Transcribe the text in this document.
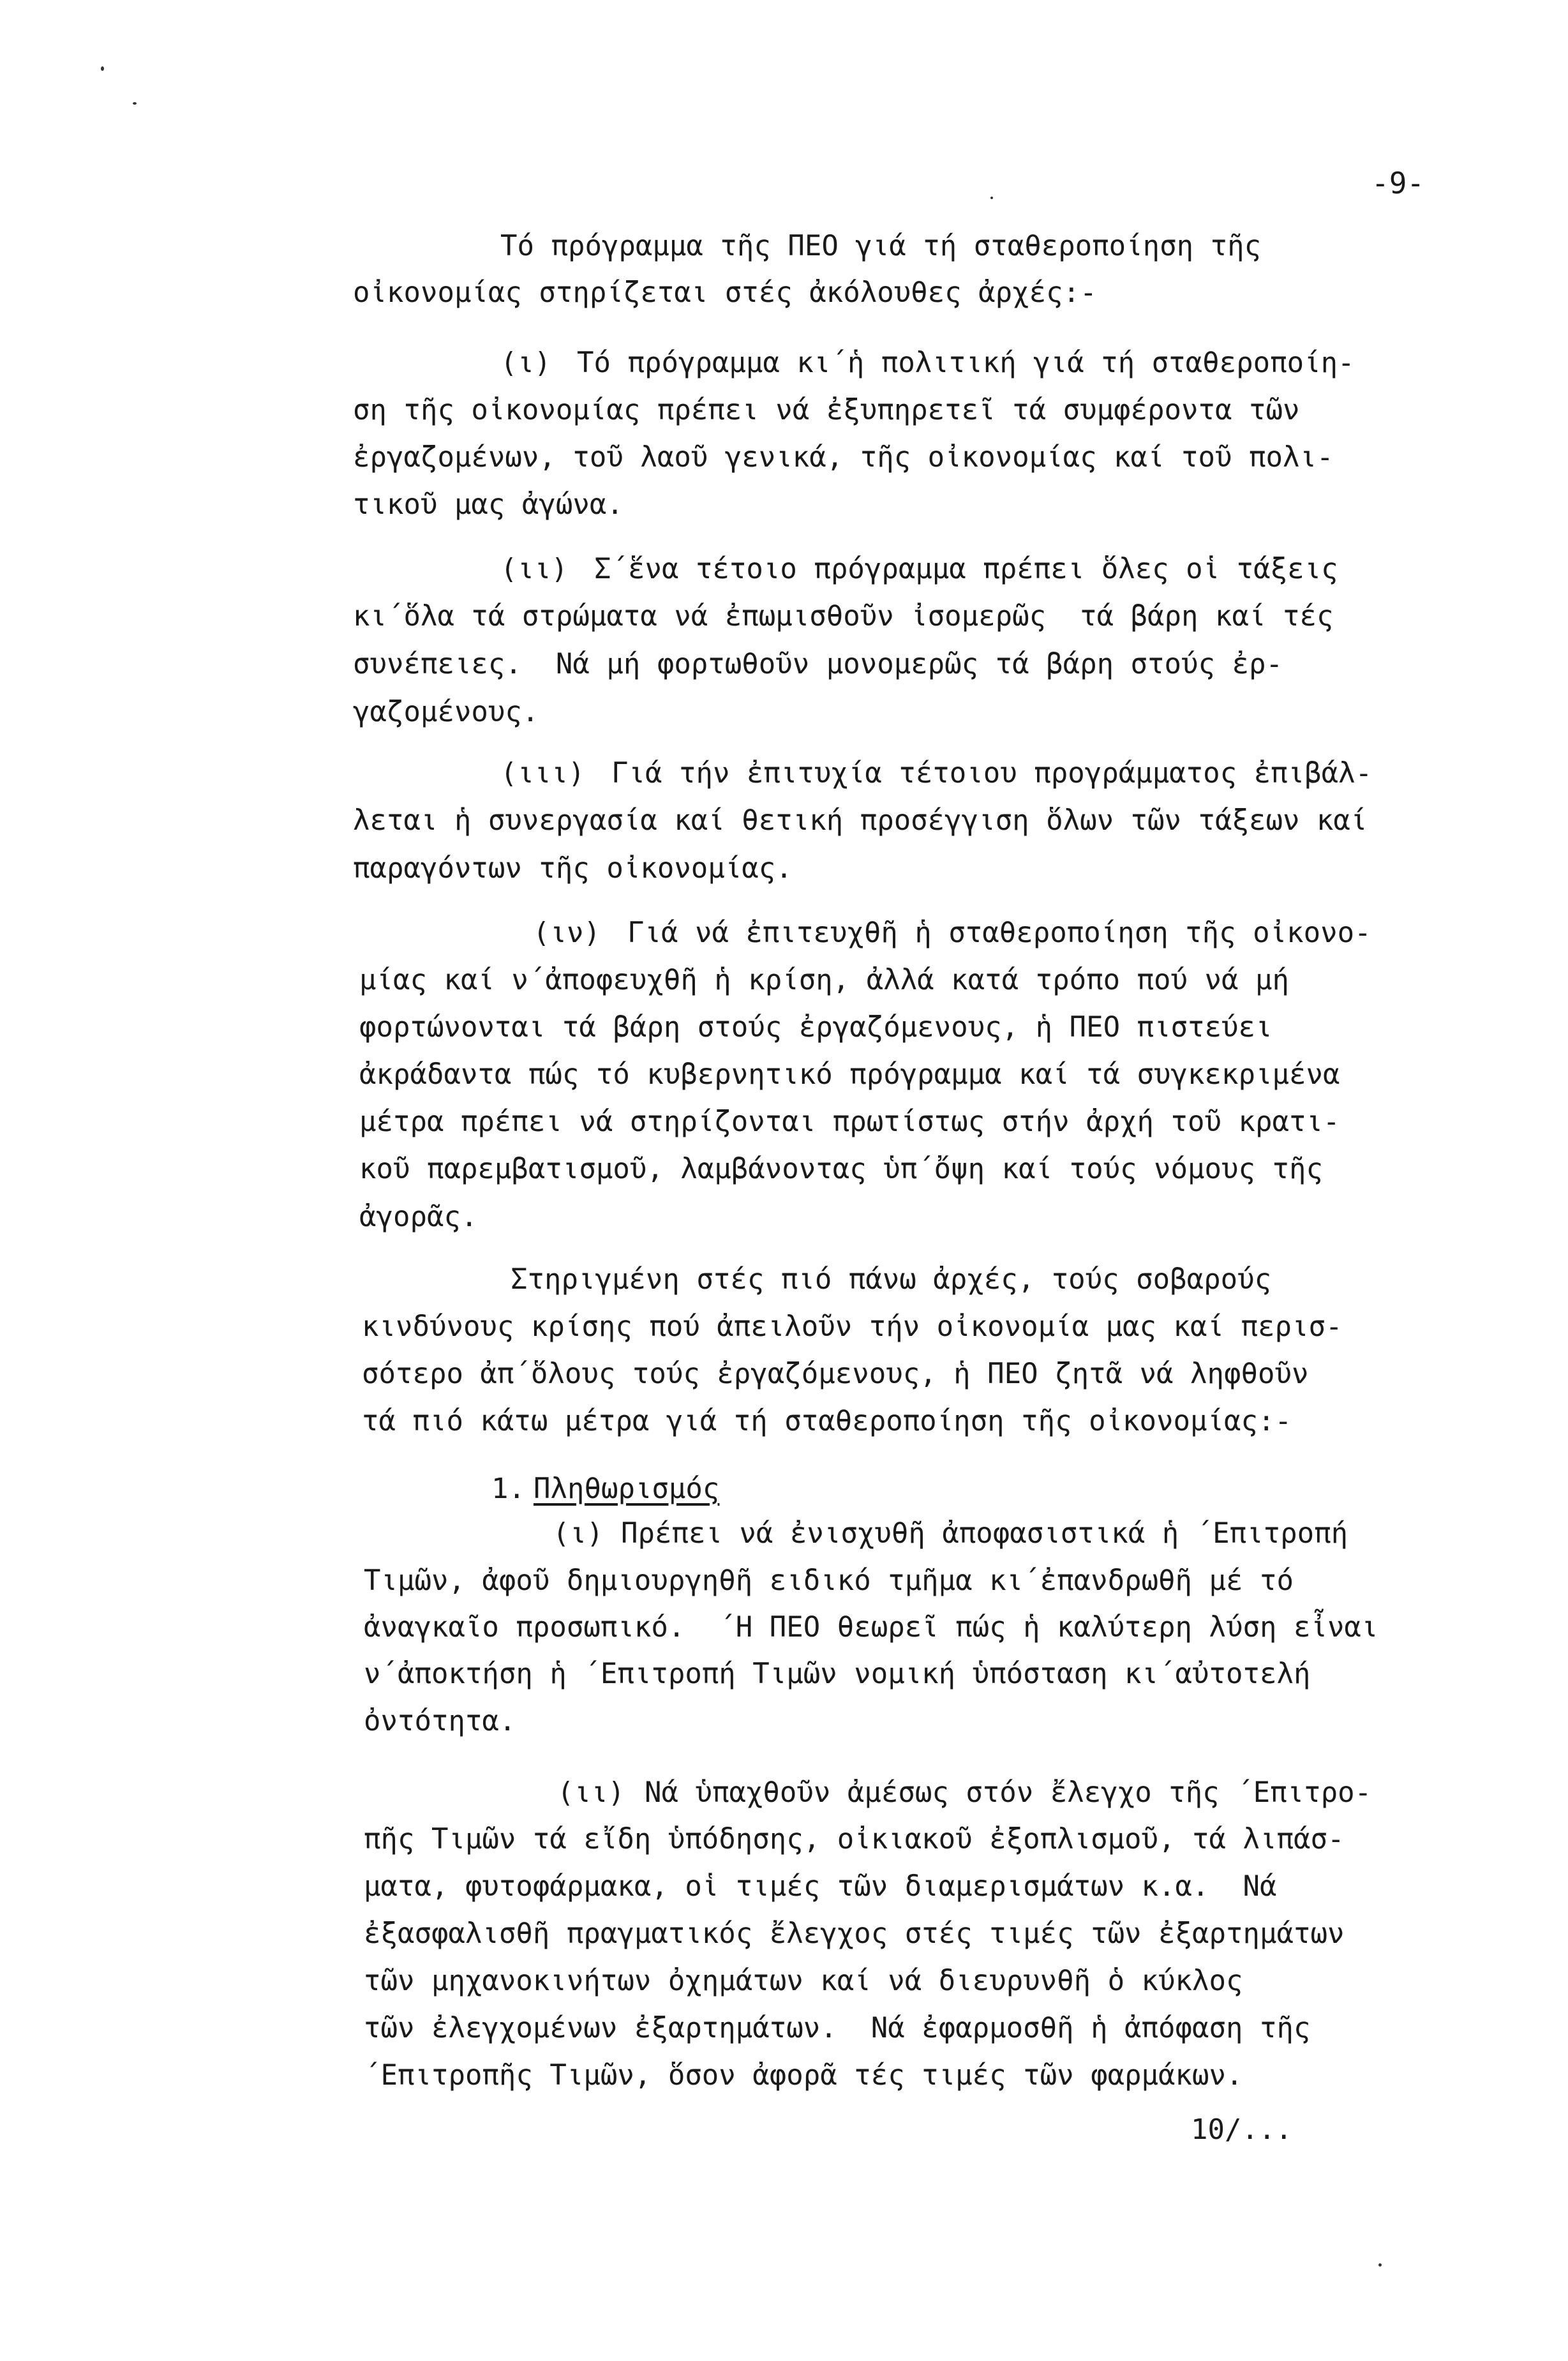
-9-
Τό πρόγραμμα τῆς ΠΕΟ γιά τή σταθεροποίηση τῆς
οἰκονομίας στηρίζεται στές ἀκόλουθες ἀρχές:-
(ι) Τό πρόγραμμα κι΄ἡ πολιτική γιά τή σταθεροποίη-
ση τῆς οἰκονομίας πρέπει νά ἐξυπηρετεῖ τά συμφέροντα τῶν
ἐργαζομένων, τοῦ λαοῦ γενικά, τῆς οἰκονομίας καί τοῦ πολι-
τικοῦ μας ἀγώνα.
(ιι) Σ΄ἕνα τέτοιο πρόγραμμα πρέπει ὅλες οἱ τάξεις
κι΄ὅλα τά στρώματα νά ἐπωμισθοῦν ἰσομερῶς  τά βάρη καί τές
συνέπειες.  Νά μή φορτωθοῦν μονομερῶς τά βάρη στούς ἐρ-
γαζομένους.
(ιιι) Γιά τήν ἐπιτυχία τέτοιου προγράμματος ἐπιβάλ-
λεται ἡ συνεργασία καί θετική προσέγγιση ὅλων τῶν τάξεων καί
παραγόντων τῆς οἰκονομίας.
(ιν) Γιά νά ἐπιτευχθῆ ἡ σταθεροποίηση τῆς οἰκονο-
μίας καί ν΄ἀποφευχθῆ ἡ κρίση, ἀλλά κατά τρόπο πού νά μή
φορτώνονται τά βάρη στούς ἐργαζόμενους, ἡ ΠΕΟ πιστεύει
ἀκράδαντα πώς τό κυβερνητικό πρόγραμμα καί τά συγκεκριμένα
μέτρα πρέπει νά στηρίζονται πρωτίστως στήν ἀρχή τοῦ κρατι-
κοῦ παρεμβατισμοῦ, λαμβάνοντας ὑπ΄ὄψη καί τούς νόμους τῆς
ἀγορᾶς.
Στηριγμένη στές πιό πάνω ἀρχές, τούς σοβαρούς
κινδύνους κρίσης πού ἀπειλοῦν τήν οἰκονομία μας καί περισ-
σότερο ἀπ΄ὅλους τούς ἐργαζόμενους, ἡ ΠΕΟ ζητᾶ νά ληφθοῦν
τά πιό κάτω μέτρα γιά τή σταθεροποίηση τῆς οἰκονομίας:-
1. Πληθωρισμός
(ι) Πρέπει νά ἐνισχυθῆ ἀποφασιστικά ἡ ΄Επιτροπή
Τιμῶν, ἀφοῦ δημιουργηθῆ ειδικό τμῆμα κι΄ἐπανδρωθῆ μέ τό
ἀναγκαῖο προσωπικό.  ΄Η ΠΕΟ θεωρεῖ πώς ἡ καλύτερη λύση εἶναι
ν΄ἀποκτήση ἡ ΄Επιτροπή Τιμῶν νομική ὑπόσταση κι΄αὐτοτελή
ὀντότητα.
(ιι) Νά ὑπαχθοῦν ἀμέσως στόν ἔλεγχο τῆς ΄Επιτρο-
πῆς Τιμῶν τά εἴδη ὑπόδησης, οἰκιακοῦ ἐξοπλισμοῦ, τά λιπάσ-
ματα, φυτοφάρμακα, οἱ τιμές τῶν διαμερισμάτων κ.α.  Νά
ἐξασφαλισθῆ πραγματικός ἔλεγχος στές τιμές τῶν ἐξαρτημάτων
τῶν μηχανοκινήτων ὀχημάτων καί νά διευρυνθῆ ὁ κύκλος
τῶν ἐλεγχομένων ἐξαρτημάτων.  Νά ἐφαρμοσθῆ ἡ ἀπόφαση τῆς
΄Επιτροπῆς Τιμῶν, ὅσον ἀφορᾶ τές τιμές τῶν φαρμάκων.
10/...
